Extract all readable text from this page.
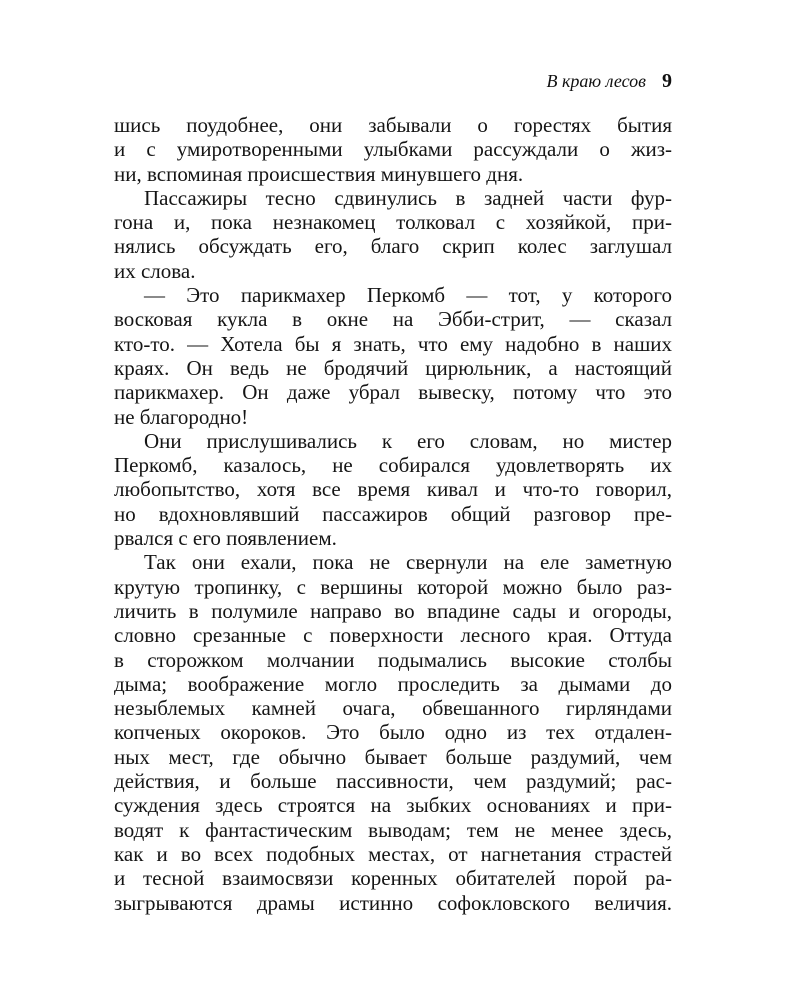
В краю лесов 9
шись поудобнее, они забывали о горестях бытия
и с умиротворенными улыбками рассуждали о жиз-
ни, вспоминая происшествия минувшего дня.
Пассажиры тесно сдвинулись в задней части фур-
гона и, пока незнакомец толковал с хозяйкой, при-
нялись обсуждать его, благо скрип колес заглушал
их слова.
— Это парикмахер Перкомб — тот, у которого
восковая кукла в окне на Эбби-стрит, — сказал
кто-то. — Хотела бы я знать, что ему надобно в наших
краях. Он ведь не бродячий цирюльник, а настоящий
парикмахер. Он даже убрал вывеску, потому что это
не благородно!
Они прислушивались к его словам, но мистер
Перкомб, казалось, не собирался удовлетворять их
любопытство, хотя все время кивал и что-то говорил,
но вдохновлявший пассажиров общий разговор пре-
рвался с его появлением.
Так они ехали, пока не свернули на еле заметную
крутую тропинку, с вершины которой можно было раз-
личить в полумиле направо во впадине сады и огороды,
словно срезанные с поверхности лесного края. Оттуда
в сторожком молчании подымались высокие столбы
дыма; воображение могло проследить за дымами до
незыблемых камней очага, обвешанного гирляндами
копченых окороков. Это было одно из тех отдален-
ных мест, где обычно бывает больше раздумий, чем
действия, и больше пассивности, чем раздумий; рас-
суждения здесь строятся на зыбких основаниях и при-
водят к фантастическим выводам; тем не менее здесь,
как и во всех подобных местах, от нагнетания страстей
и тесной взаимосвязи коренных обитателей порой ра-
зыгрываются драмы истинно софокловского величия.
